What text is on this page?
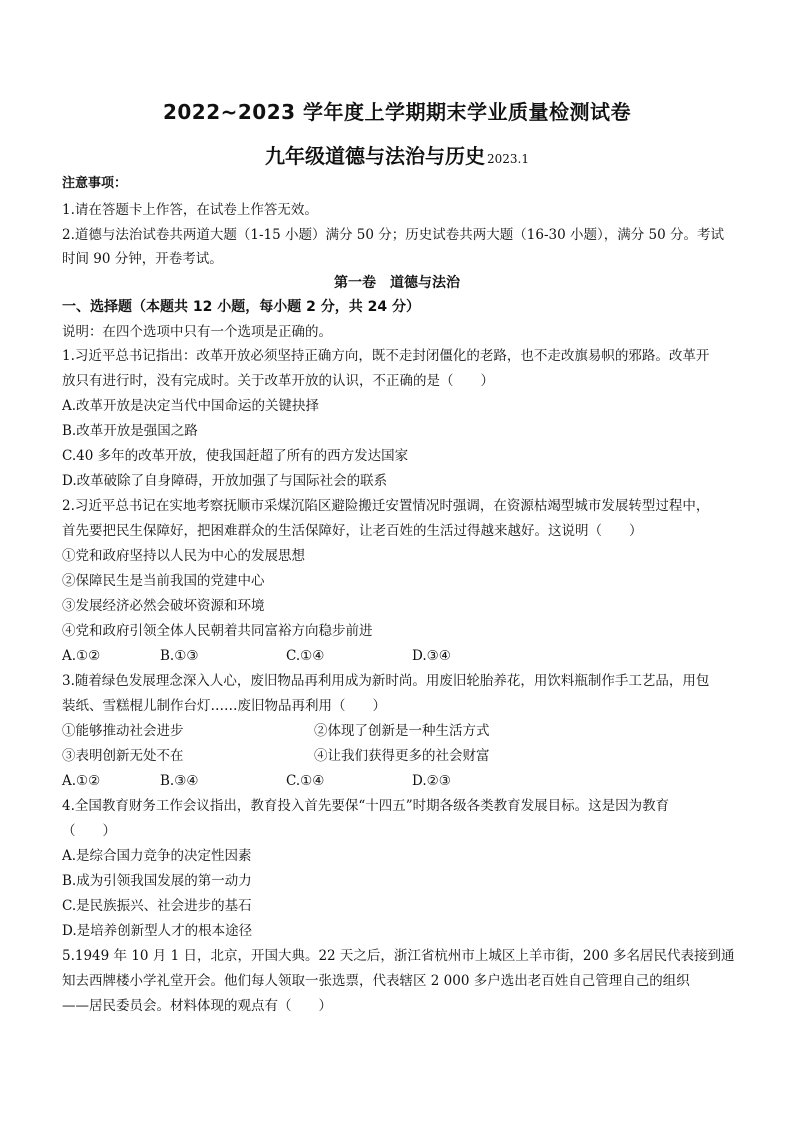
2022~2023 学年度上学期期末学业质量检测试卷
九年级道德与法治与历史 2023.1
注意事项：
1.请在答题卡上作答，在试卷上作答无效。
2.道德与法治试卷共两道大题（1-15 小题）满分 50 分；历史试卷共两大题（16-30 小题），满分 50 分。考试
时间 90 分钟，开卷考试。
第一卷　道德与法治
一、选择题（本题共 12 小题，每小题 2 分，共 24 分）
说明：在四个选项中只有一个选项是正确的。
1.习近平总书记指出：改革开放必须坚持正确方向，既不走封闭僵化的老路，也不走改旗易帜的邪路。改革开
放只有进行时，没有完成时。关于改革开放的认识，不正确的是（　　）
A.改革开放是决定当代中国命运的关键抉择
B.改革开放是强国之路
C.40 多年的改革开放，使我国赶超了所有的西方发达国家
D.改革破除了自身障碍，开放加强了与国际社会的联系
2.习近平总书记在实地考察抚顺市采煤沉陷区避险搬迁安置情况时强调，在资源枯竭型城市发展转型过程中，
首先要把民生保障好，把困难群众的生活保障好，让老百姓的生活过得越来越好。这说明（　　）
①党和政府坚持以人民为中心的发展思想
②保障民生是当前我国的党建中心
③发展经济必然会破坏资源和环境
④党和政府引领全体人民朝着共同富裕方向稳步前进
A.①②	B.①③	C.①④	D.③④
3.随着绿色发展理念深入人心，废旧物品再利用成为新时尚。用废旧轮胎养花，用饮料瓶制作手工艺品，用包
装纸、雪糕棍儿制作台灯……废旧物品再利用（　　）
①能够推动社会进步	②体现了创新是一种生活方式
③表明创新无处不在	④让我们获得更多的社会财富
A.①②	B.③④	C.①④	D.②③
4.全国教育财务工作会议指出，教育投入首先要保“十四五”时期各级各类教育发展目标。这是因为教育
（　　）
A.是综合国力竞争的决定性因素
B.成为引领我国发展的第一动力
C.是民族振兴、社会进步的基石
D.是培养创新型人才的根本途径
5.1949 年 10 月 1 日，北京，开国大典。22 天之后，浙江省杭州市上城区上羊市街，200 多名居民代表接到通
知去西牌楼小学礼堂开会。他们每人领取一张选票，代表辖区 2 000 多户选出老百姓自己管理自己的组织
——居民委员会。材料体现的观点有（　　）
